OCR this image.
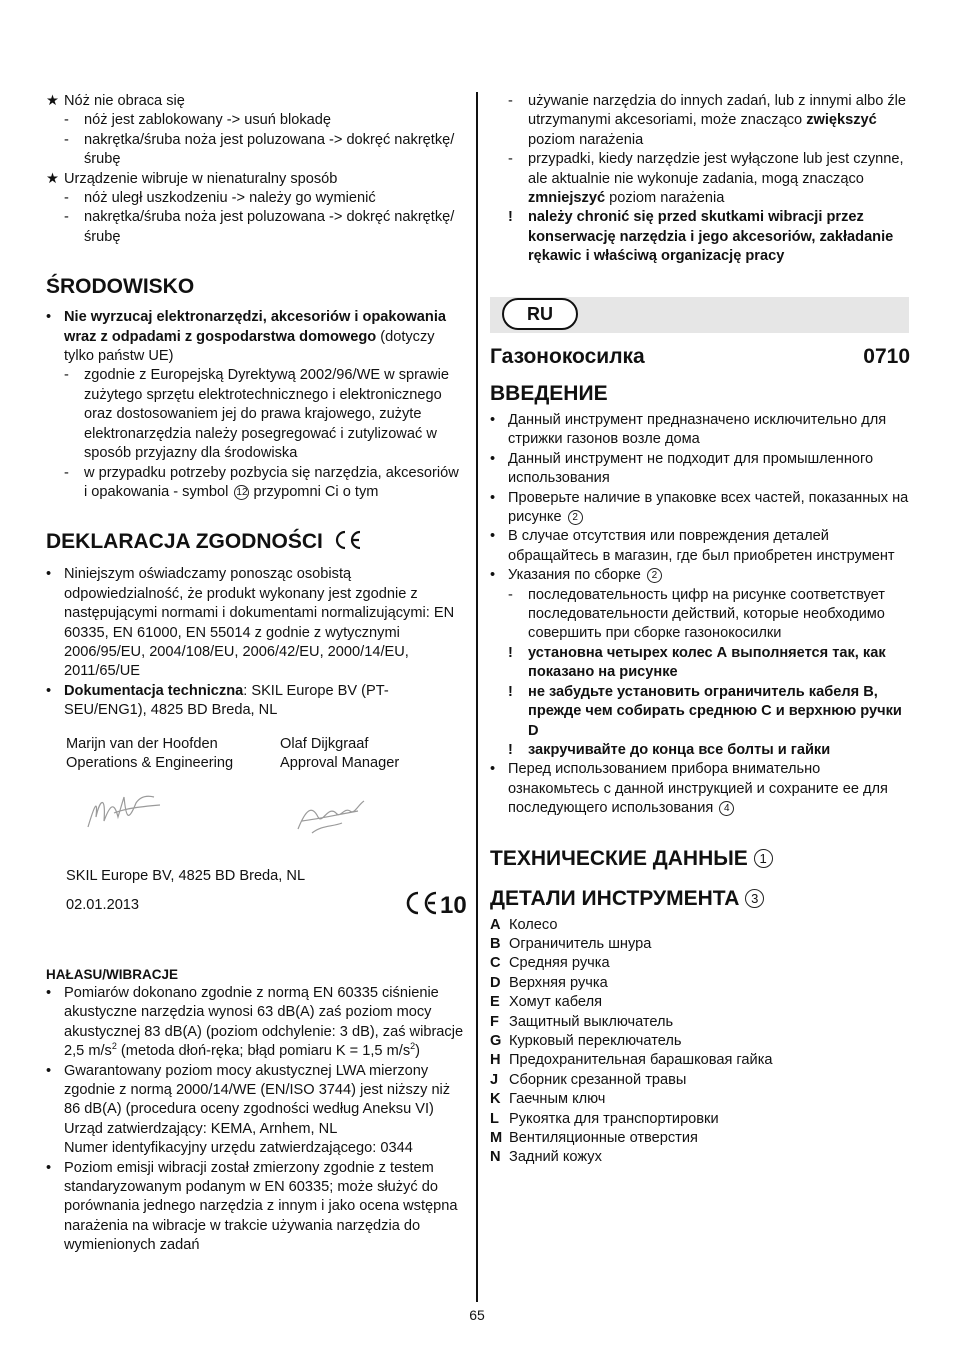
★ Nóż nie obraca się
- nóż jest zablokowany -> usuń blokadę
- nakrętka/śruba noża jest poluzowana -> dokręć nakrętkę/śrubę
★ Urządzenie wibruje w nienaturalny sposób
- nóż uległ uszkodzeniu -> należy go wymienić
- nakrętka/śruba noża jest poluzowana -> dokręć nakrętkę/śrubę
ŚRODOWISKO
• Nie wyrzucaj elektronarzędzi, akcesoriów i opakowania wraz z odpadami z gospodarstwa domowego (dotyczy tylko państw UE)
- zgodnie z Europejską Dyrektywą 2002/96/WE w sprawie zużytego sprzętu elektrotechnicznego i elektronicznego oraz dostosowaniem jej do prawa krajowego, zużyte elektronarzędzia należy posegregować i zutylizować w sposób przyjazny dla środowiska
- w przypadku potrzeby pozbycia się narzędzia, akcesoriów i opakowania - symbol 12 przypomni Ci o tym
DEKLARACJA ZGODNOŚCI
• Niniejszym oświadczamy ponosząc osobistą odpowiedzialność, że produkt wykonany jest zgodnie z następującymi normami i dokumentami normalizującymi: EN 60335, EN 61000, EN 55014 z godnie z wytycznymi 2006/95/EU, 2004/108/EU, 2006/42/EU, 2000/14/EU, 2011/65/UE
• Dokumentacja techniczna: SKIL Europe BV (PT-SEU/ENG1), 4825 BD Breda, NL
Marijn van der Hoofden
Operations & Engineering
Olaf Dijkgraaf
Approval Manager
SKIL Europe BV, 4825 BD Breda, NL
02.01.2013	10
HAŁASU/WIBRACJE
• Pomiarów dokonano zgodnie z normą EN 60335 ciśnienie akustyczne narzędzia wynosi 63 dB(A) zaś poziom mocy akustycznej 83 dB(A) (poziom odchylenie: 3 dB), zaś wibracje 2,5 $m/s^2$ (metoda dłoń-ręka; błąd pomiaru K = 1,5 $m/s^2$)
• Gwarantowany poziom mocy akustycznej LWA mierzony zgodnie z normą 2000/14/WE (EN/ISO 3744) jest niższy niż 86 dB(A) (procedura oceny zgodności według Aneksu VI)
Urząd zatwierdzający: KEMA, Arnhem, NL
Numer identyfikacyjny urzędu zatwierdzającego: 0344
• Poziom emisji wibracji został zmierzony zgodnie z testem standaryzowanym podanym w EN 60335; może służyć do porównania jednego narzędzia z innym i jako ocena wstępna narażenia na wibracje w trakcie używania narzędzia do wymienionych zadań
- używanie narzędzia do innych zadań, lub z innymi albo źle utrzymanymi akcesoriami, może znacząco zwiększyć poziom narażenia
- przypadki, kiedy narzędzie jest wyłączone lub jest czynne, ale aktualnie nie wykonuje zadania, mogą znacząco zmniejszyć poziom narażenia
! należy chronić się przed skutkami wibracji przez konserwację narzędzia i jego akcesoriów, zakładanie rękawic i właściwą organizację pracy
RU
Газонокосилка	0710
ВВЕДЕНИЕ
• Данный инструмент предназначено исключительно для стрижки газонов возле дома
• Данный инструмент не подходит для промышленного использования
• Проверьте наличие в упаковке всех частей, показанных на рисунке 2
• В случае отсутствия или повреждения деталей обращайтесь в магазин, где был приобретен инструмент
• Указания по сборке 2
- последовательность цифр на рисунке соответствует последовательности действий, которые необходимо совершить при сборке газонокосилки
! установна четырех колес А выполняется так, как показано на рисунке
! не забудьте установить ограничитель кабеля B, прежде чем собирать среднюю C и верхнюю ручки D
! закручивайте до конца все болты и гайки
• Перед использованием прибора внимательно ознакомьтесь с данной инструкцией и сохраните ее для последующего использования 4
ТЕХНИЧЕСКИЕ ДАННЫЕ 1
ДЕТАЛИ ИНСТРУМЕНТА 3
A Колесо
B Ограничитель шнура
C Средняя ручка
D Верхняя ручка
E Хомут кабеля
F Защитный выключатель
G Курковый переключатель
H Предохранительная барашковая гайка
J Сборник срезанной травы
K Гаечным ключ
L Рукоятка для транспортировки
M Вентиляционные отверстия
N Задний кожух
65
